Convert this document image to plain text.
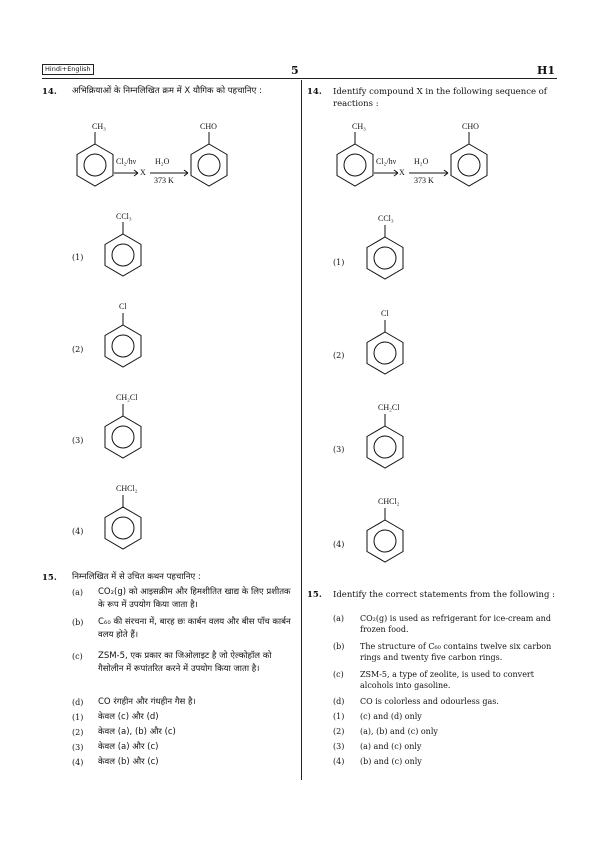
Hindi+English	5	H1
14. अभिक्रियाओं के निम्नलिखित क्रम में X यौगिक को पहचानिए :
CH₃	CHO
Cl₂/hν
X
H₂O
373 K
(1)
CCl₃
(2)
Cl
(3)
CH₂Cl
(4)
CHCl₂
15. निम्नलिखित में से उचित कथन पहचानिए :
(a) CO₂(g) को आइसक्रीम और हिमशीतित खाद्य के लिए प्रशीतक के रूप में उपयोग किया जाता है।
(b) C₆₀ की संरचना में, बारह छः कार्बन वलय और बीस पाँच कार्बन वलय होते हैं।
(c) ZSM-5, एक प्रकार का जिओलाइट है जो ऐल्कोहॉल को गैसोलीन में रूपांतरित करने में उपयोग किया जाता है।
(d) CO रंगहीन और गंधहीन गैस है।
(1) केवल (c) और (d)
(2) केवल (a), (b) और (c)
(3) केवल (a) और (c)
(4) केवल (b) और (c)
14. Identify compound X in the following sequence of reactions :
CH₃	CHO
Cl₂/hν
X
H₂O
373 K
(1)
CCl₃
(2)
Cl
(3)
CH₂Cl
(4)
CHCl₂
15. Identify the correct statements from the following :
(a) CO₂(g) is used as refrigerant for ice-cream and frozen food.
(b) The structure of C₆₀ contains twelve six carbon rings and twenty five carbon rings.
(c) ZSM-5, a type of zeolite, is used to convert alcohols into gasoline.
(d) CO is colorless and odourless gas.
(1) (c) and (d) only
(2) (a), (b) and (c) only
(3) (a) and (c) only
(4) (b) and (c) only
